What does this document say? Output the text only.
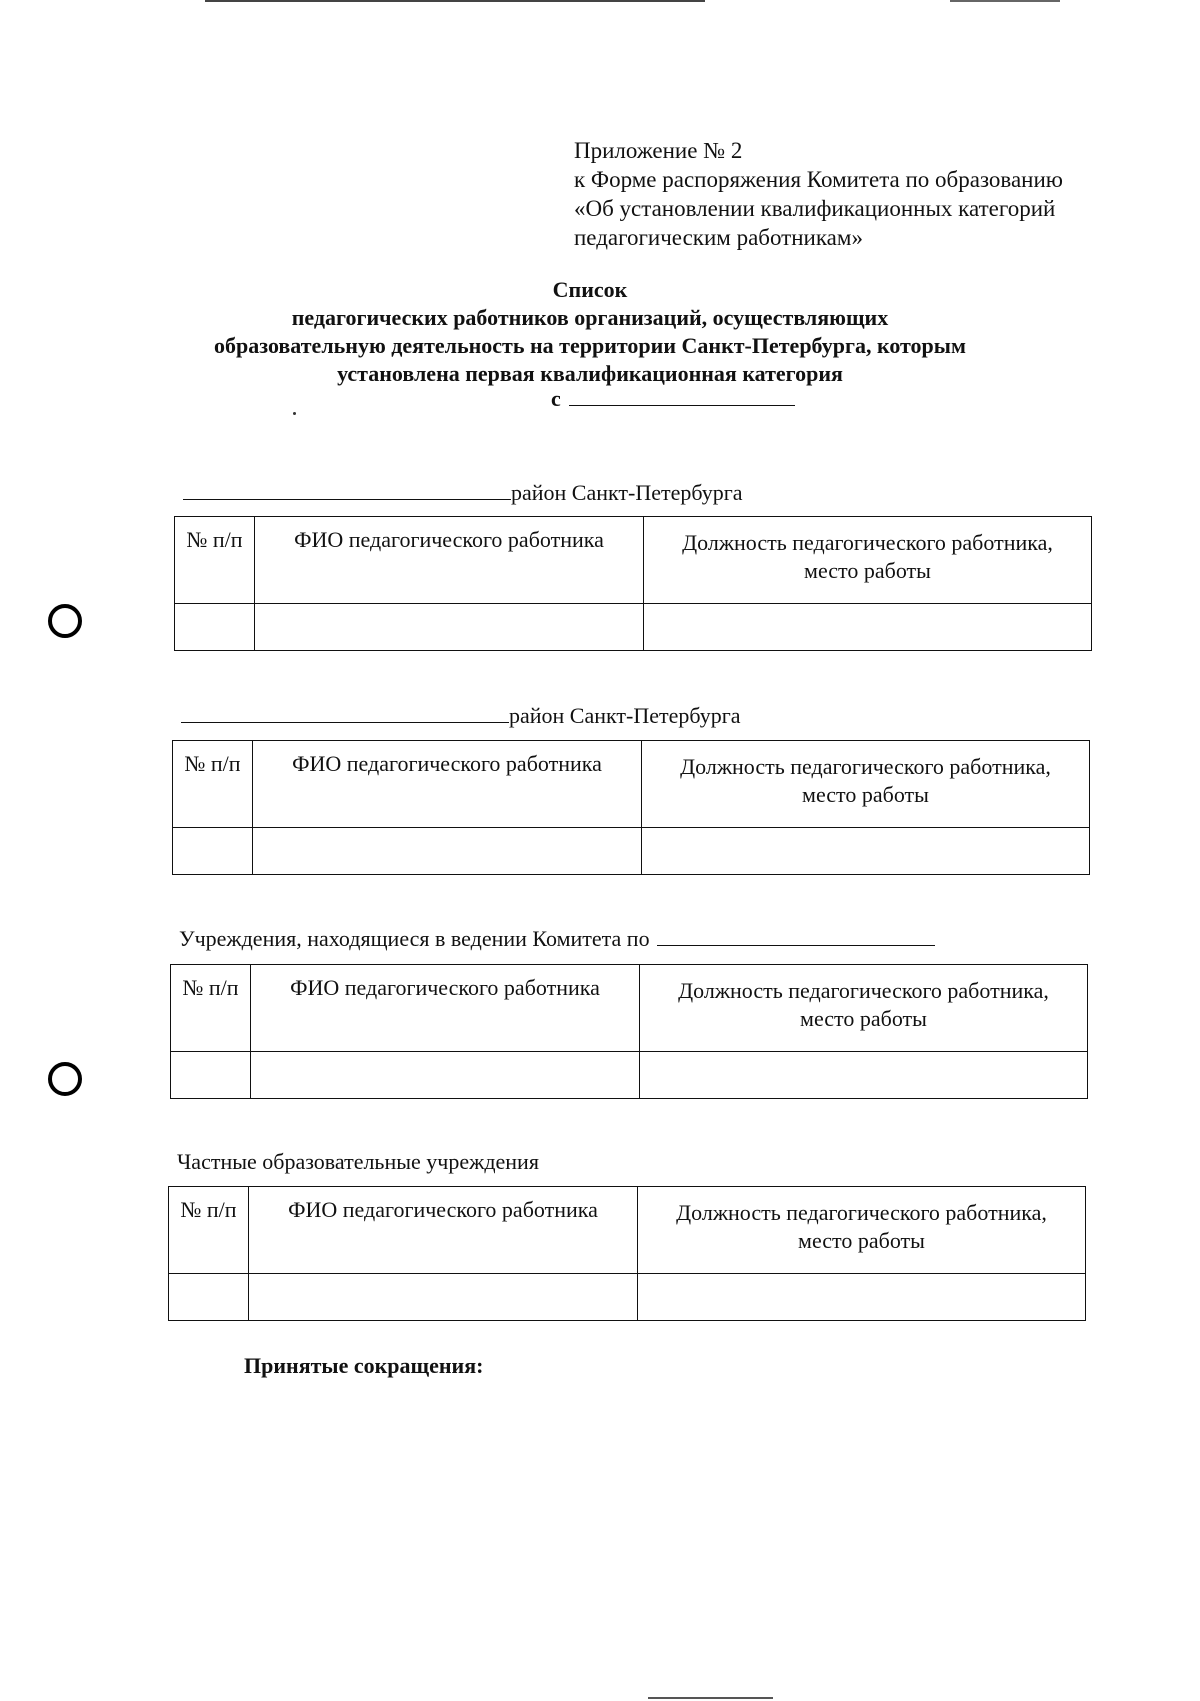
Приложение № 2
к Форме распоряжения Комитета по образованию
«Об установлении квалификационных категорий
педагогическим работникам»
Список
педагогических работников организаций, осуществляющих
образовательную деятельность на территории Санкт-Петербурга, которым
установлена первая квалификационная категория
с
район Санкт-Петербурга
№ п/п	ФИО педагогического работника	Должность педагогического работника,
место работы

район Санкт-Петербурга
№ п/п	ФИО педагогического работника	Должность педагогического работника,
место работы

Учреждения, находящиеся в ведении Комитета по
№ п/п	ФИО педагогического работника	Должность педагогического работника,
место работы

Частные образовательные учреждения
№ п/п	ФИО педагогического работника	Должность педагогического работника,
место работы

Принятые сокращения:
